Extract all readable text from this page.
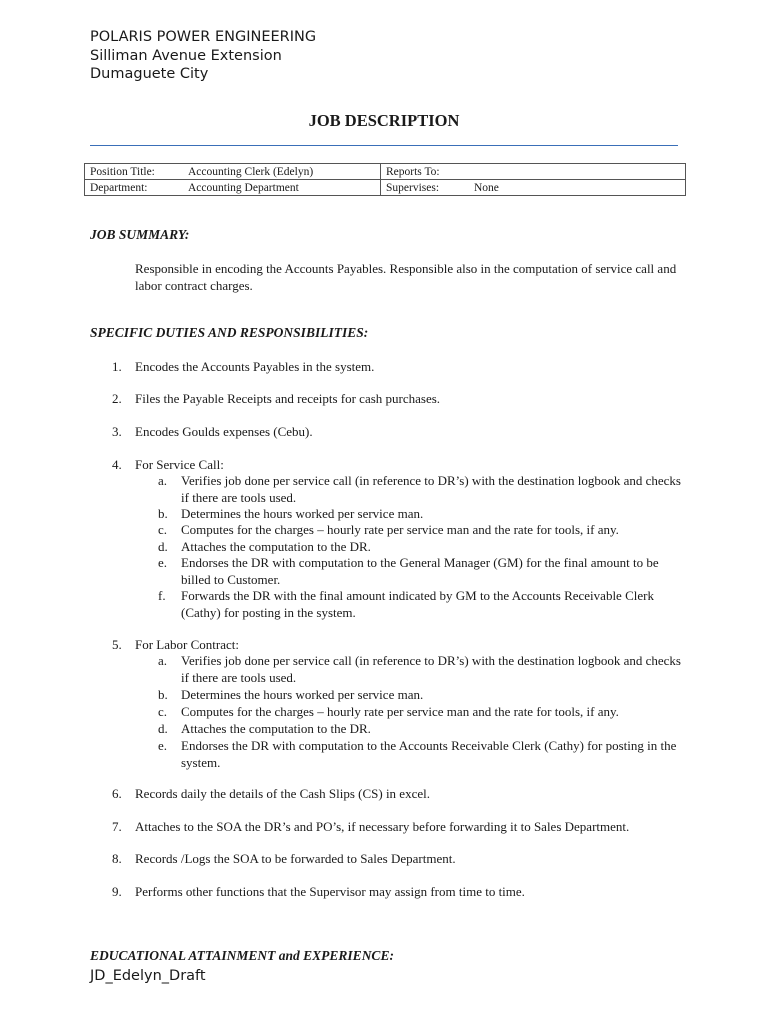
POLARIS POWER ENGINEERING
Silliman Avenue Extension
Dumaguete City
JOB DESCRIPTION
Position Title: Accounting Clerk (Edelyn)	Reports To:
Department: Accounting Department	Supervises: None
JOB SUMMARY:
Responsible in encoding the Accounts Payables. Responsible also in the computation of service call and labor contract charges.
SPECIFIC DUTIES AND RESPONSIBILITIES:
1.	Encodes the Accounts Payables in the system.
2.	Files the Payable Receipts and receipts for cash purchases.
3.	Encodes Goulds expenses (Cebu).
4.	For Service Call:
a.	Verifies job done per service call (in reference to DR’s) with the destination logbook and checks if there are tools used.
b.	Determines the hours worked per service man.
c.	Computes for the charges – hourly rate per service man and the rate for tools, if any.
d.	Attaches the computation to the DR.
e.	Endorses the DR with computation to the General Manager (GM) for the final amount to be billed to Customer.
f.	Forwards the DR with the final amount indicated by GM to the Accounts Receivable Clerk (Cathy) for posting in the system.
5.	For Labor Contract:
a.	Verifies job done per service call (in reference to DR’s) with the destination logbook and checks if there are tools used.
b.	Determines the hours worked per service man.
c.	Computes for the charges – hourly rate per service man and the rate for tools, if any.
d.	Attaches the computation to the DR.
e.	Endorses the DR with computation to the Accounts Receivable Clerk (Cathy) for posting in the system.
6.	Records daily the details of the Cash Slips (CS) in excel.
7.	Attaches to the SOA the DR’s and PO’s, if necessary before forwarding it to Sales Department.
8.	Records /Logs the SOA to be forwarded to Sales Department.
9.	Performs other functions that the Supervisor may assign from time to time.
EDUCATIONAL ATTAINMENT and EXPERIENCE:
JD_Edelyn_Draft
